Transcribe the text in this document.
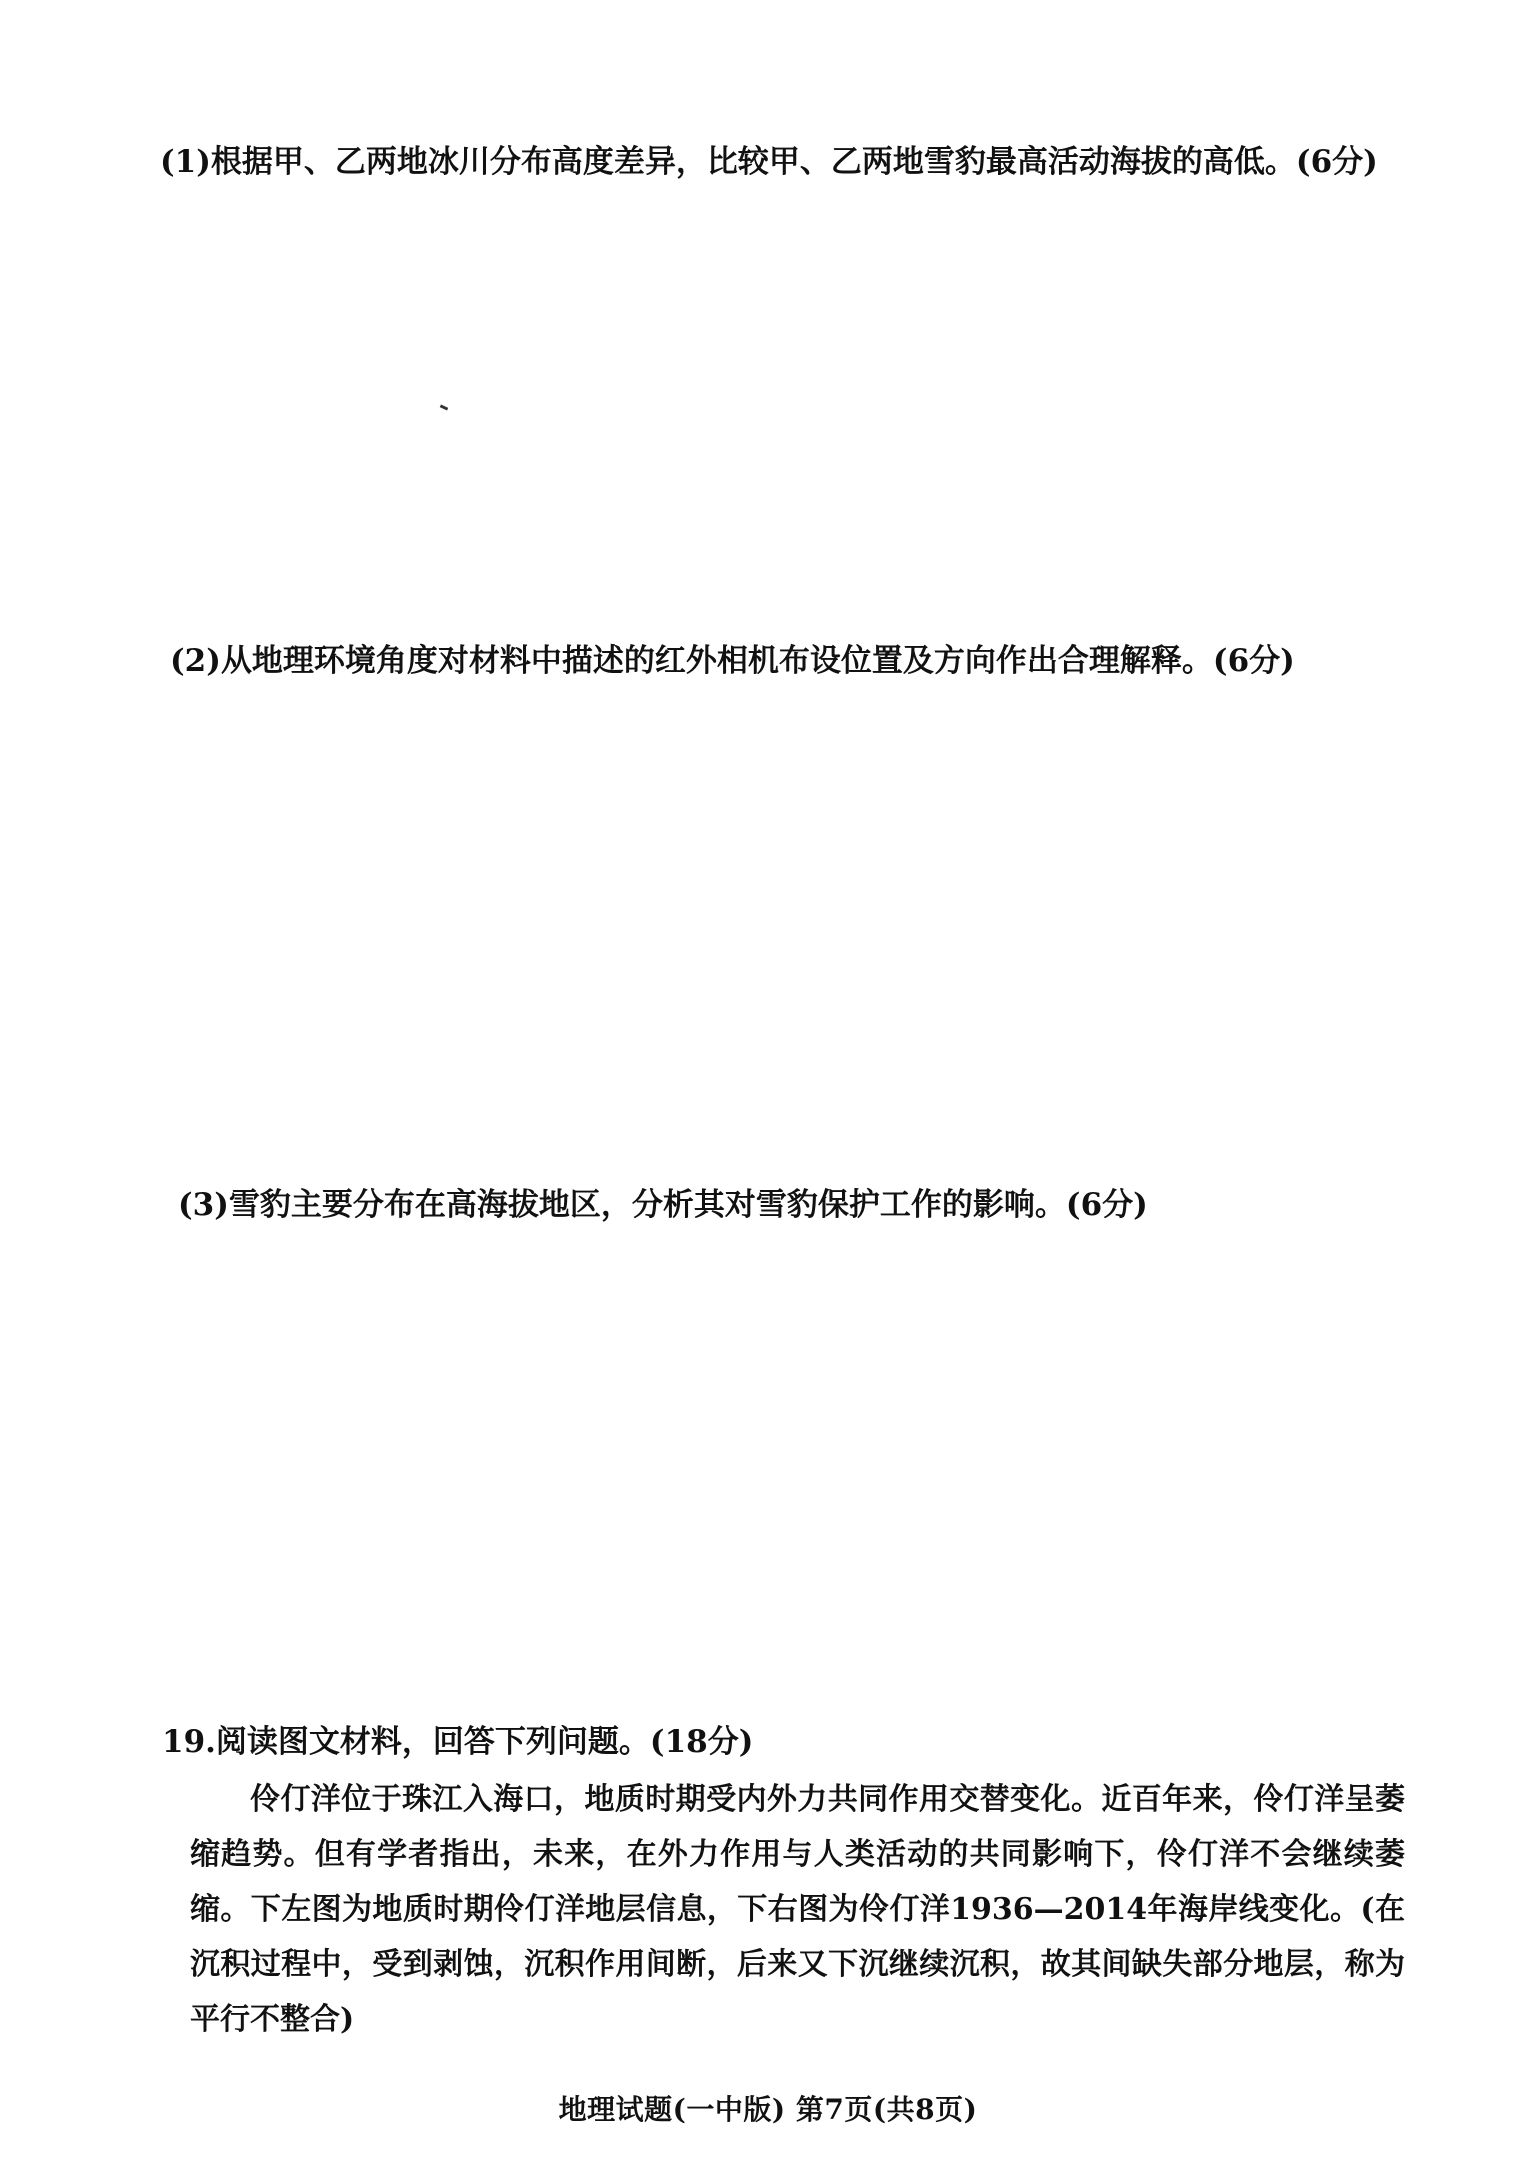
(1)根据甲、乙两地冰川分布高度差异，比较甲、乙两地雪豹最高活动海拔的高低。(6分)
(2)从地理环境角度对材料中描述的红外相机布设位置及方向作出合理解释。(6分)
(3)雪豹主要分布在高海拔地区，分析其对雪豹保护工作的影响。(6分)
19.阅读图文材料，回答下列问题。(18分)

伶仃洋位于珠江入海口，地质时期受内外力共同作用交替变化。近百年来，伶仃洋呈萎缩趋势。但有学者指出，未来，在外力作用与人类活动的共同影响下，伶仃洋不会继续萎缩。下左图为地质时期伶仃洋地层信息，下右图为伶仃洋1936—2014年海岸线变化。(在沉积过程中，受到剥蚀，沉积作用间断，后来又下沉继续沉积，故其间缺失部分地层，称为平行不整合)

地理试题(一中版) 第7页(共8页)
